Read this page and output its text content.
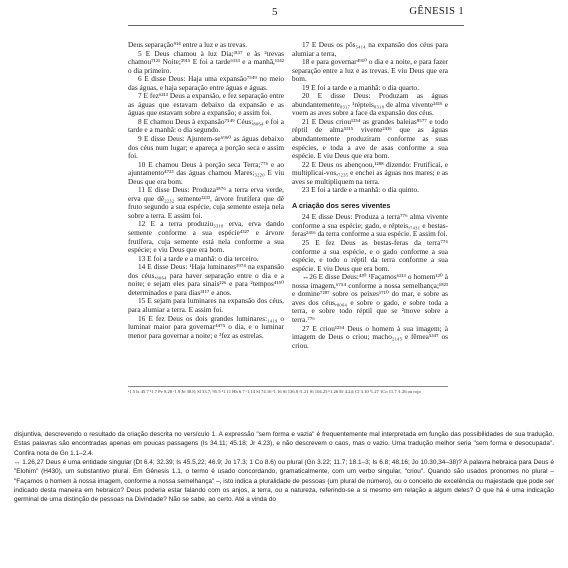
5	GÊNESIS 1

Deus separação⁹¹⁴ entre a luz e as trevas.

5 E Deus chamou à luz Dia;³¹¹⁷ e às ²trevas chamou⁷¹²¹ Noite;³⁹¹⁵ E foi a tarde⁶¹⁵³ e a manhã,¹²⁴² o dia primeiro.

6 E disse Deus: Haja uma expansão⁷⁵⁴⁹ no meio das águas, e haja separação entre águas e águas.

7 E fez⁶²¹³ Deus a expansão, e fez separação entre as águas que estavam debaixo da expansão e as águas que estavam sobre a expansão; e assim foi.

8 E chamou Deus à expansão⁷⁵⁴⁹ Céus;₈₀₆₄ e foi a tarde e a manhã: o dia segundo.

9 E disse Deus: Ajuntem-se⁶⁹⁶⁰ as águas debaixo dos céus num lugar; e apareça a porção seca e assim foi.

10 E chamou Deus à porção seca Terra;⁷⁷⁶ e ao ajuntamento⁴⁷²³ das águas chamou Mares;₃₂₂₀ E viu Deus que era bom.

11 E disse Deus: Produza¹⁸⁷⁶ a terra erva verde, erva que dê₂₂₃₂ semente²²³³, árvore frutífera que dê fruto segundo a sua espécie, cuja semente esteja nela sobre a terra. E assim foi.

12 E a terra produziu₃₃₁₈ erva, erva dando semente conforme a sua espécie⁴³²⁷ e árvore frutífera, cuja semente está nela conforme a sua espécie; e viu Deus que era bom.

13 E foi a tarde e a manhã: o dia terceiro.

14 E disse Deus: ¹Haja luminares³⁹⁷⁴ na expansão dos céus,₈₀₆₄ para haver separação entre o dia e a noite; e sejam eles para sinais²²⁶ e para ²tempos⁴¹⁵⁰ determinados e para dias³¹¹⁷ e anos.

15 E sejam para luminares na expansão dos céus, para alumiar a terra. E assim foi.

16 E fez Deus os dois grandes luminares:₁₄₁₉ o luminar maior para governar⁴⁴⁷⁵ o dia, e o luminar menor para governar a noite; e ²fez as estrelas.

17 E Deus os pôs₅₄₁₄ na expansão dos céus para alumiar a terra,

18 e para governar⁴⁹¹⁰ o dia e a noite, e para fazer separação entre a luz e as trevas. E viu Deus que era bom.

19 E foi a tarde e a manhã: o dia quarto.

20 E disse Deus: Produzam as águas abundantemente₈₃₁₇ ¹répteis₈₃₁₈ de alma vivente²⁴¹⁶ e voem as aves sobre a face da expansão dos céus.

21 E Deus criou¹²⁵⁴ as grandes baleias⁸⁵⁷⁷ e todo réptil de alma⁵³¹⁵ vivente²⁴¹⁶ que as águas abundantemente produziram conforme as suas espécies, e toda a ave de asas conforme a sua espécie. E viu Deus que era bom.

22 E Deus os abençoou,¹²⁸⁸ dizendo: Frutificai, e multiplicai-vos,₇₂₃₅ e enchei as águas nos mares; e as aves se multipliquem na terra.

23 E foi a tarde e a manhã: o dia quinto.

A criação dos seres viventes

24 E disse Deus: Produza a terra⁷⁷⁶ alma vivente conforme a sua espécie; gado, e répteis,₇₄₃₁ e bestas-feras²⁴¹⁶ da terra conforme a sua espécie. E assim foi.

25 E fez Deus as bestas-feras da terra⁷⁷⁶ conforme a sua espécie, e o gado conforme a sua espécie, e todo o réptil da terra conforme a sua espécie. E viu Deus que era bom.

↔26 E disse Deus:⁴³⁰ ¹Façamos⁶²¹³ o homem¹²⁰ à nossa imagem,⁶⁷⁵⁴ conforme a nossa semelhança;¹⁸²³ e domine⁷²⁸⁷ sobre os peixes¹⁷¹⁰ do mar, e sobre as aves dos céus,₈₀₆₄ e sobre o gado, e sobre toda a terra, e sobre todo réptil que se ²move sobre a terra.⁷⁷⁶

27 E criou¹²⁵⁴ Deus o homem à sua imagem; à imagem de Deus o criou; macho₂₁₄₅ e fêmea⁵³⁴⁷ os criou.

ᵃ1.5 Is 45.7 ᵇ1.7 Pv 8.28 ᶜ1.9 Jó 38.8; Sl 33.7; 95.5 ᵈ1.11 Hb 6.7 ᵉ1.14 Sl 74.16 ᶠ1.16 Sl 136.8 ᵍ1.21 Sl 104.25 ʰ1.26 Ef 4.24; Cl 3.10 ⁱ1.27 1Co 11.7 ʲ1.26 ou rojo

disjuntiva, descrevendo o resultado da criação descrita no versículo 1. A expressão "sem forma e vazia" é frequentemente mal interpretada em função das possibilidades de sua tradução. Estas palavras são encontradas apenas em poucas passagens (Is 34.11; 45.18; Jr 4.23), e não descrevem o caos, mas o vazio. Uma tradução melhor seria "sem forma e desocupada". Confira nota de Gn 1.1–2.4.

↔ 1.26,27 Deus é uma entidade singular (Dt 6.4; 32.39; Is 45.5,22; 46.9; Jo 17.3; 1 Co 8.6) ou plural (Gn 3.22; 11.7; 18.1–3; Is 6.8; 48.16; Jo 10.30,34–38)? A palavra hebraica para Deus é "Elohim" (H430), um substantivo plural. Em Gênesis 1.1, o termo é usado concordando, gramaticalmente, com um verbo singular, "criou". Quando são usados pronomes no plural – "Façamos o homem à nossa imagem, conforme a nossa semelhança" –, isto indica a pluralidade de pessoas (um plural de número), ou o conceito de excelência ou majestade que pode ser indicado desta maneira em hebraico? Deus poderia estar falando com os anjos, a terra, ou a natureza, referindo-se a si mesmo em relação a algum deles? O que há é uma indicação germinal de uma distinção de pessoas na Divindade? Não se sabe, ao certo. Até a vinda do
